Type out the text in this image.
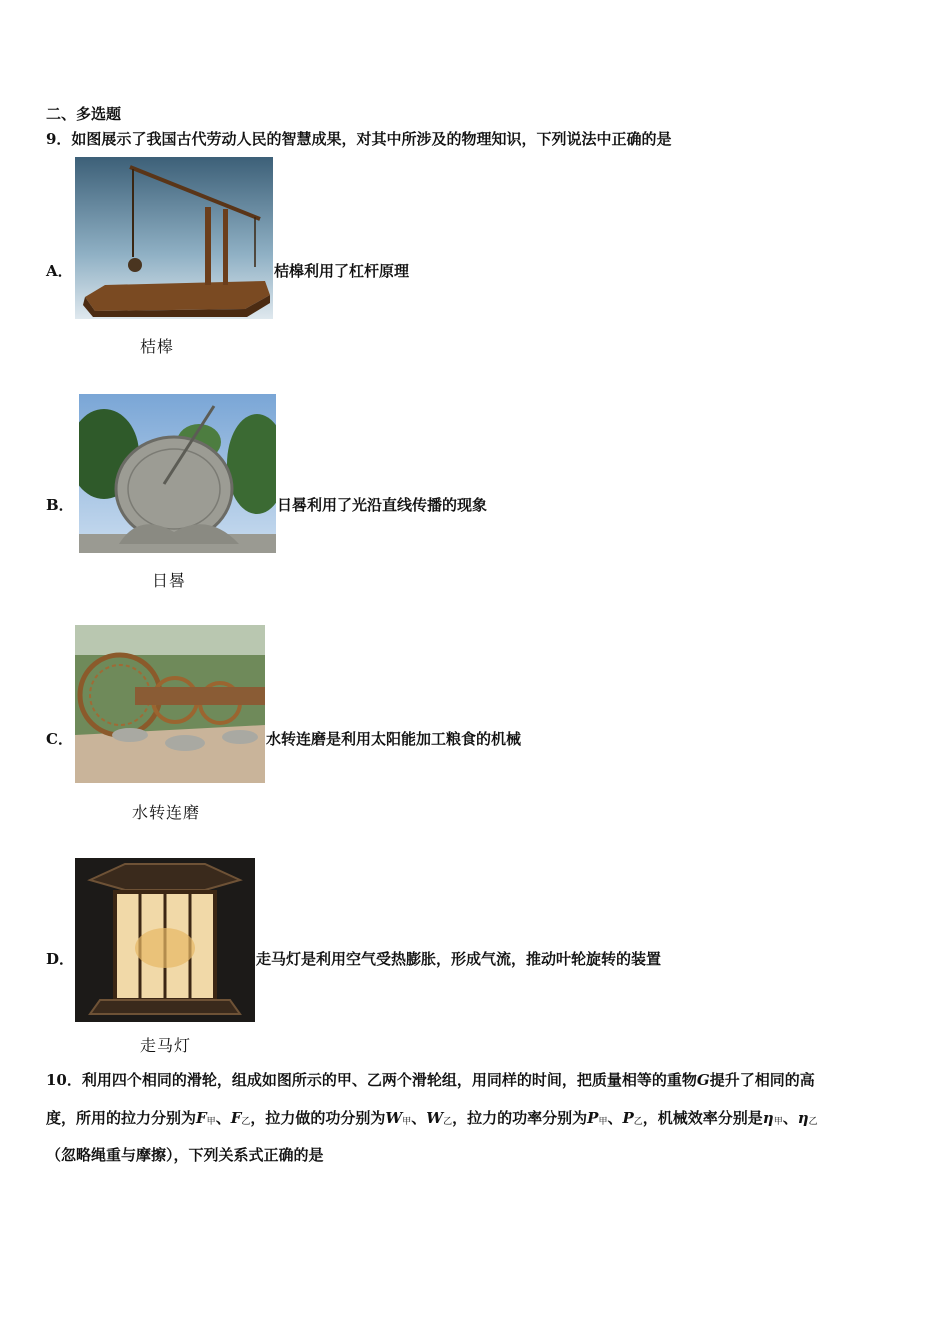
二、多选题
9．如图展示了我国古代劳动人民的智慧成果，对其中所涉及的物理知识，下列说法中正确的是
A．	桔槔利用了杠杆原理
桔槔
B．	日晷利用了光沿直线传播的现象
日晷
C．	水转连磨是利用太阳能加工粮食的机械
水转连磨
D．	走马灯是利用空气受热膨胀，形成气流，推动叶轮旋转的装置
走马灯
10．利用四个相同的滑轮，组成如图所示的甲、乙两个滑轮组，用同样的时间，把质量相等的重物G提升了相同的高
度，所用的拉力分别为$F_甲$、$F_乙$，拉力做的功分别为$W_甲$、$W_乙$，拉力的功率分别为$P_甲$、$P_乙$，机械效率分别是$\eta_甲$、$\eta_乙$
（忽略绳重与摩擦），下列关系式正确的是
